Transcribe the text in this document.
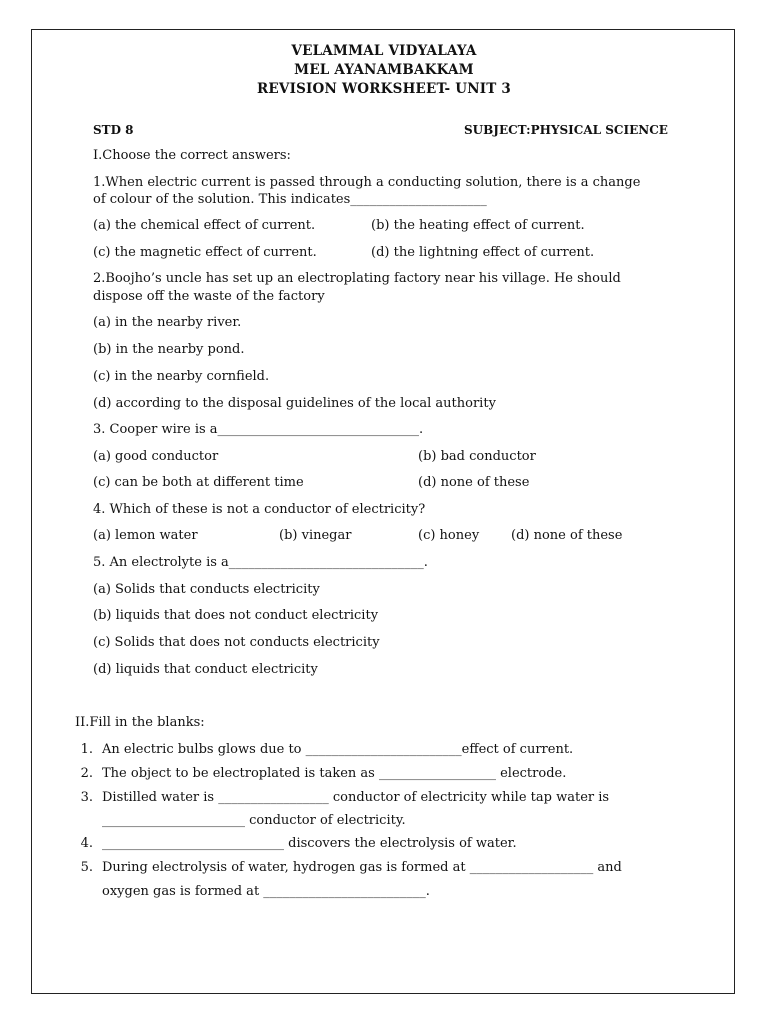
VELAMMAL VIDYALAYA
MEL AYANAMBAKKAM
REVISION WORKSHEET- UNIT 3
STD 8	SUBJECT:PHYSICAL SCIENCE
I.Choose the correct answers:
1.When electric current is passed through a conducting solution, there is a change
of colour of the solution. This indicates_____________________
(a) the chemical effect of current.	(b) the heating effect of current.
(c) the magnetic effect of current.	(d) the lightning effect of current.
2.Boojho’s uncle has set up an electroplating factory near his village. He should
dispose off the waste of the factory
(a) in the nearby river.
(b) in the nearby pond.
(c) in the nearby cornfield.
(d) according to the disposal guidelines of the local authority
3. Cooper wire is a_______________________________.
(a) good conductor	(b) bad conductor
(c) can be both at different time	(d) none of these
4. Which of these is not a conductor of electricity?
(a) lemon water	(b) vinegar	(c) honey (d) none of these
5. An electrolyte is a______________________________.
(a) Solids that conducts electricity
(b) liquids that does not conduct electricity
(c) Solids that does not conducts electricity
(d) liquids that conduct electricity
II.Fill in the blanks:
1. An electric bulbs glows due to ________________________effect of current.
2. The object to be electroplated is taken as __________________ electrode.
3. Distilled water is _________________ conductor of electricity while tap water is
______________________ conductor of electricity.
4. ____________________________ discovers the electrolysis of water.
5. During electrolysis of water, hydrogen gas is formed at ___________________ and
oxygen gas is formed at _________________________.
